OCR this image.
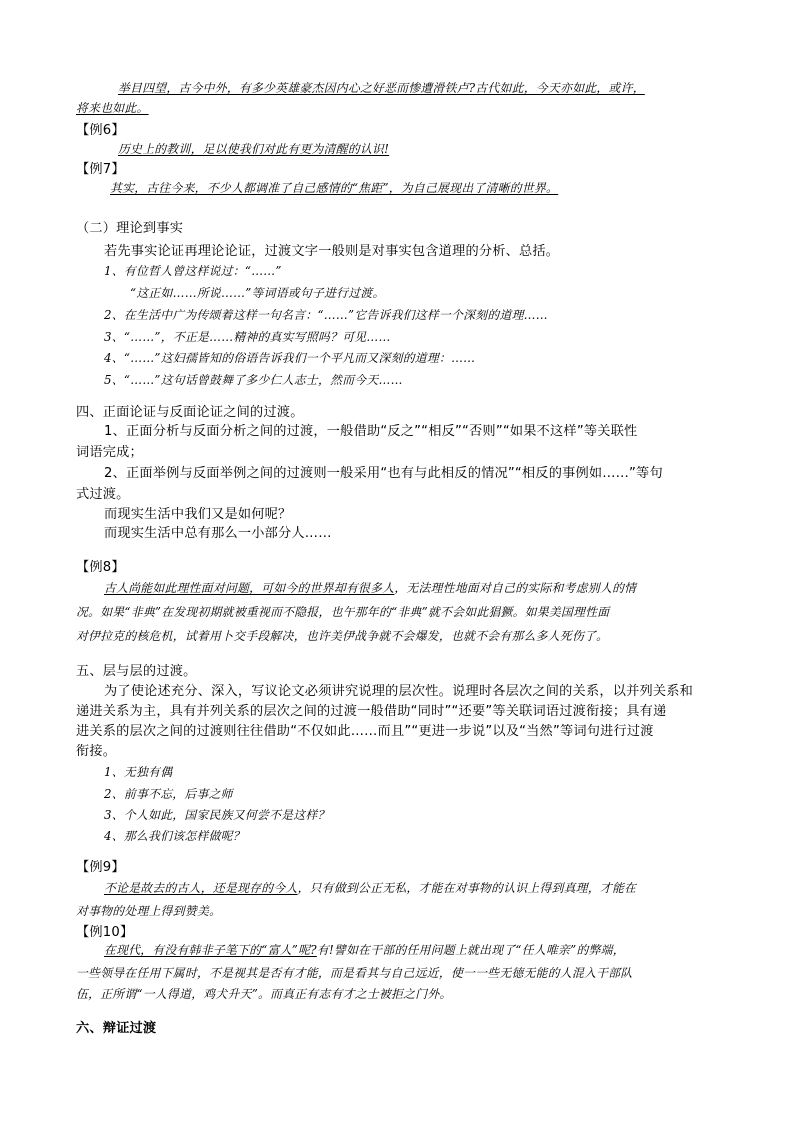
举目四望，古今中外，有多少英雄豪杰因内心之好恶而惨遭滑铁卢?古代如此，今天亦如此，或许，
将来也如此。
【例6】
历史上的教训，足以使我们对此有更为清醒的认识!
【例7】
其实，古往今来，不少人都调准了自己感情的“焦距”，为自己展现出了清晰的世界。
（二）理论到事实
若先事实论证再理论论证，过渡文字一般则是对事实包含道理的分析、总括。
1、有位哲人曾这样说过：“……”
“这正如……所说……”等词语或句子进行过渡。
2、在生活中广为传颂着这样一句名言：“……”它告诉我们这样一个深刻的道理……
3、“……”，不正是……精神的真实写照吗？可见……
4、“……”这妇孺皆知的俗语告诉我们一个平凡而又深刻的道理：……
5、“……”这句话曾鼓舞了多少仁人志士，然而今天……
四、正面论证与反面论证之间的过渡。
1、正面分析与反面分析之间的过渡，一般借助“反之”“相反”“否则”“如果不这样”等关联性
词语完成；
2、正面举例与反面举例之间的过渡则一般采用“也有与此相反的情况”“相反的事例如……”等句
式过渡。
而现实生活中我们又是如何呢？
而现实生活中总有那么一小部分人……
【例8】
古人尚能如此理性面对问题，可如今的世界却有很多人，无法理性地面对自己的实际和考虑别人的情
况。如果“非典”在发现初期就被重视而不隐报，也午那年的“非典”就不会如此猖獗。如果美国理性面
对伊拉克的核危机，试着用卜交手段解决，也许美伊战争就不会爆发，也就不会有那么多人死伤了。
五、层与层的过渡。
为了使论述充分、深入，写议论文必须讲究说理的层次性。说理时各层次之间的关系，以并列关系和
递进关系为主，具有并列关系的层次之间的过渡一般借助“同时”“还要”等关联词语过渡衔接；具有递
进关系的层次之间的过渡则往往借助“不仅如此……而且”“更进一步说”以及“当然”等词句进行过渡
衔接。
1、无独有偶
2、前事不忘，后事之师
3、个人如此，国家民族又何尝不是这样？
4、那么我们该怎样做呢？
【例9】
不论是故去的古人，还是现存的今人，只有做到公正无私，才能在对事物的认识上得到真理，才能在
对事物的处理上得到赞美。
【例10】
在现代，有没有韩非子笔下的“富人”呢?有!譬如在干部的任用问题上就出现了“任人唯亲”的弊端，
一些领导在任用下属时，不是视其是否有才能，而是看其与自己远近，使一一些无德无能的人混入干部队
伍，正所谓“一人得道，鸡犬升天”。而真正有志有才之士被拒之门外。
六、辩证过渡
